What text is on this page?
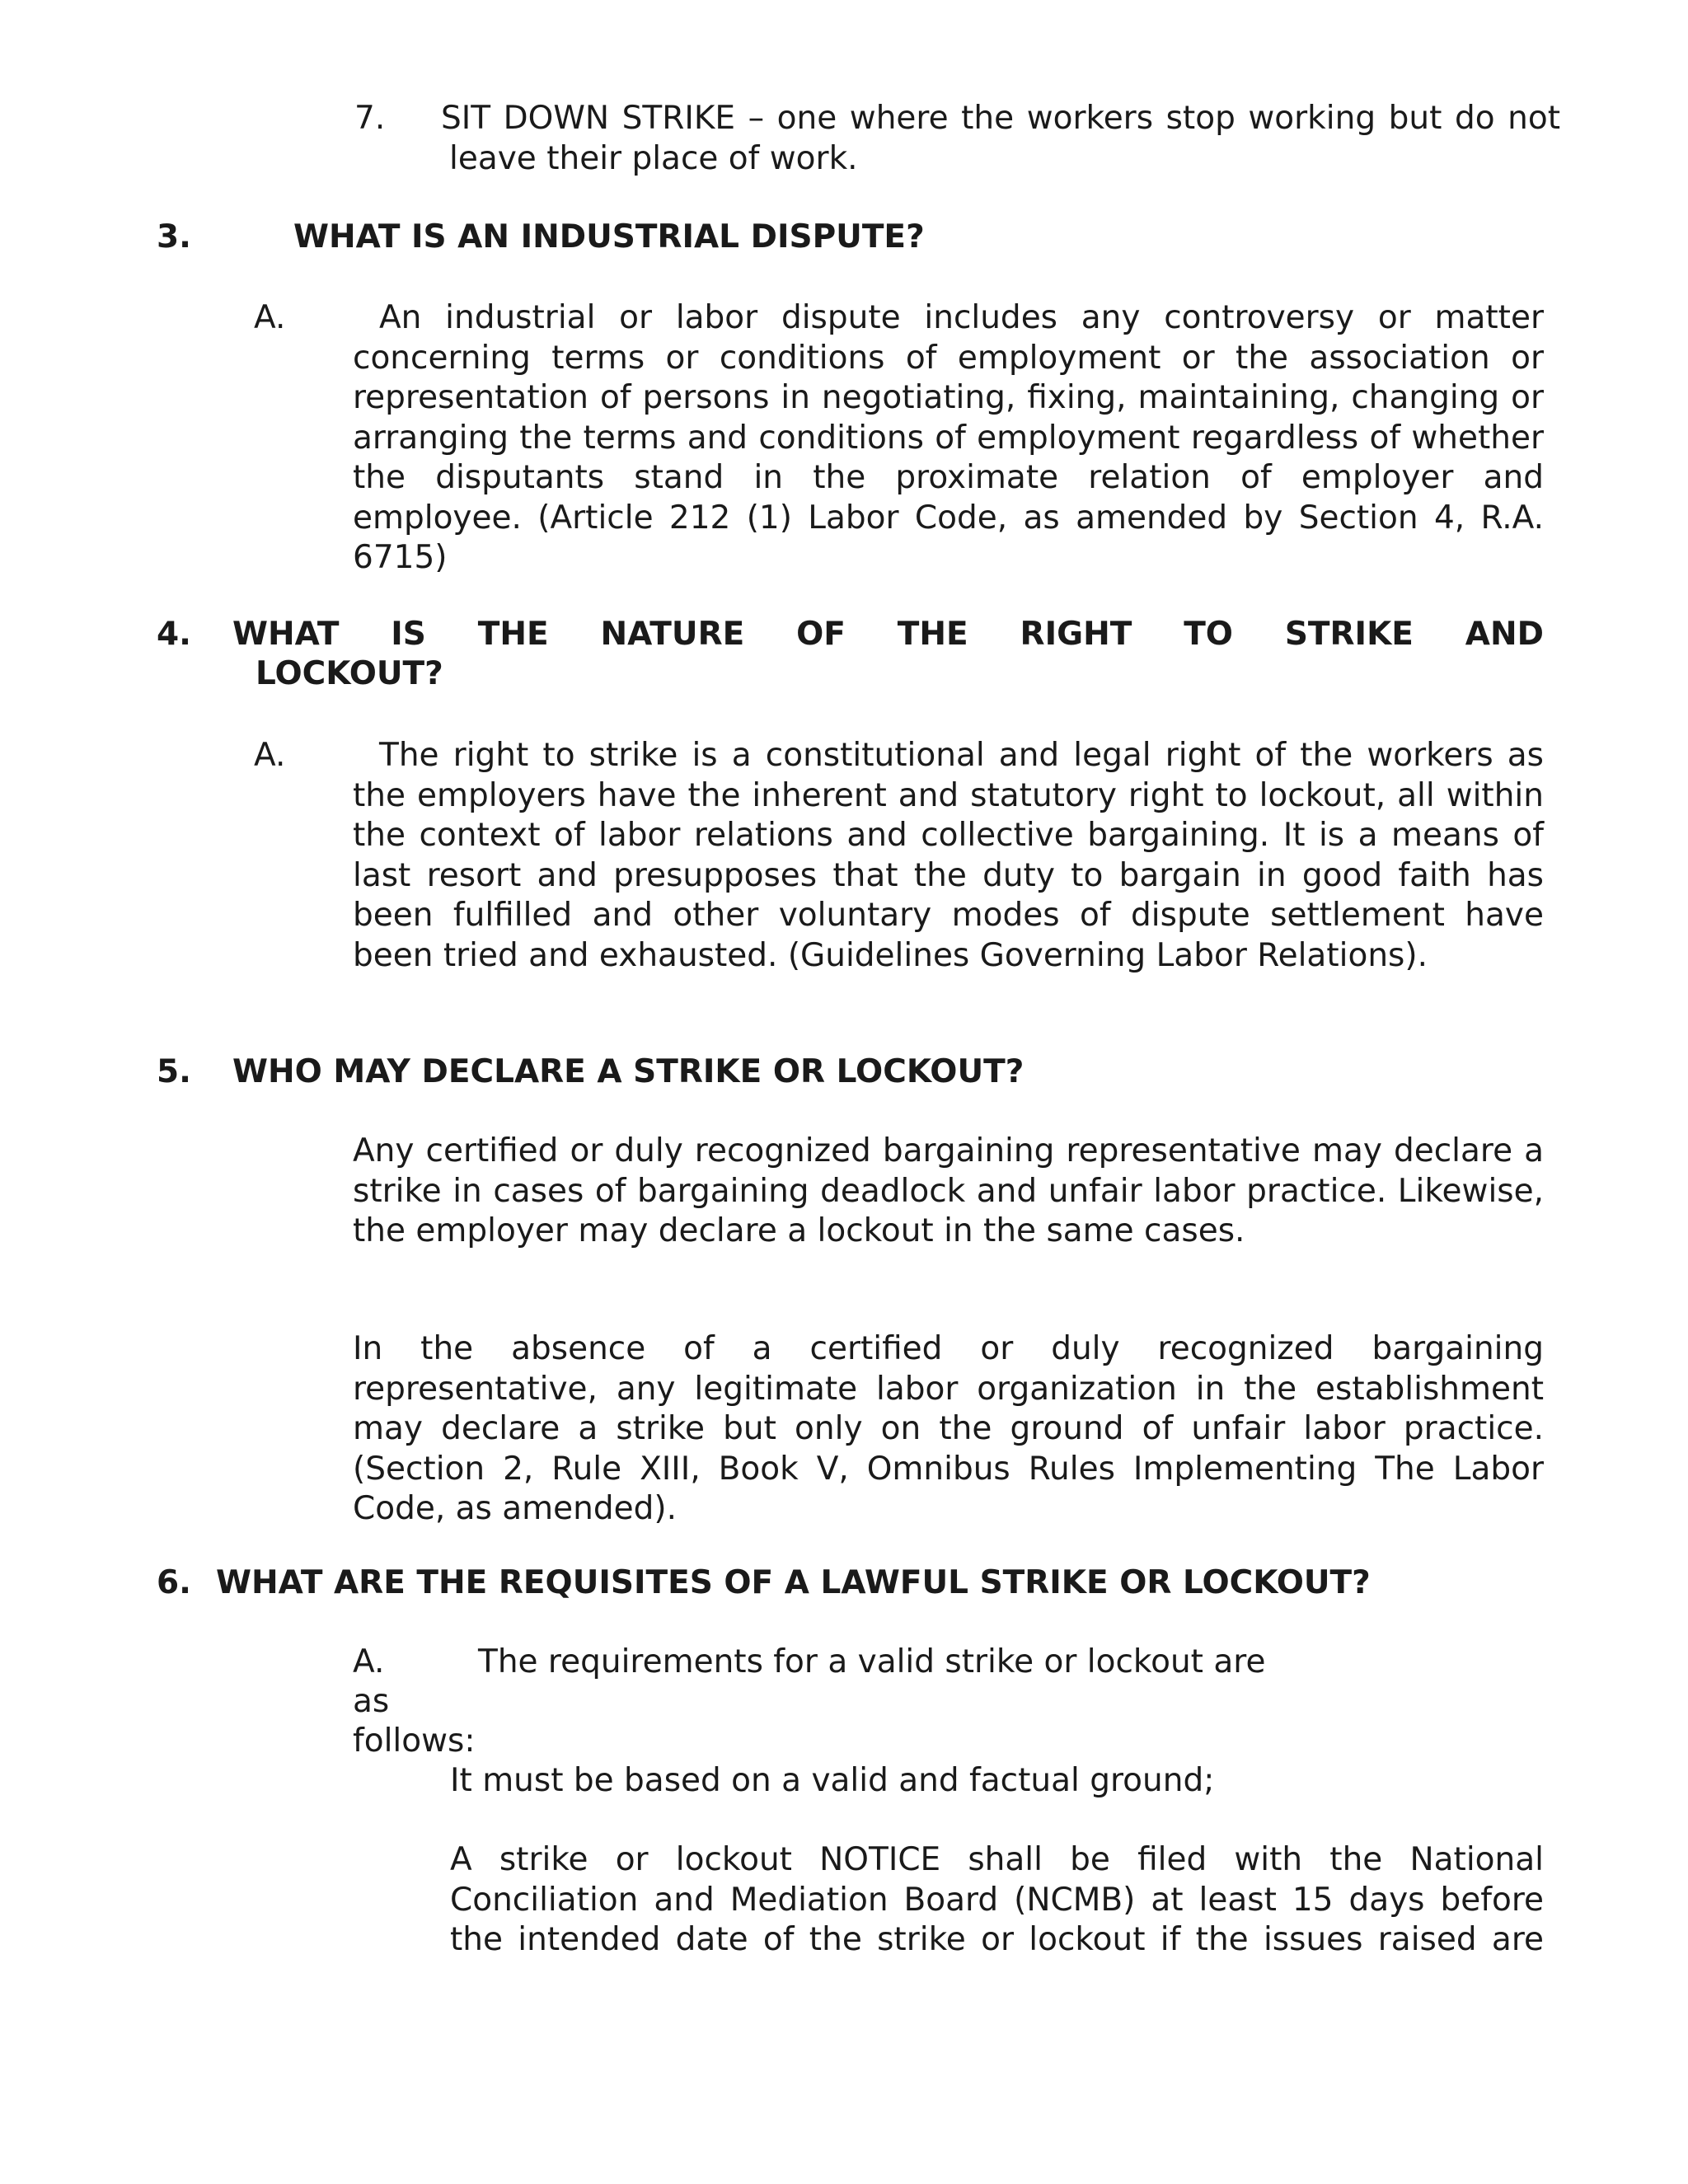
7. SIT DOWN STRIKE – one where the workers stop working but do not leave their place of work.

3.	WHAT IS AN INDUSTRIAL DISPUTE?
A.	An industrial or labor dispute includes any controversy or matter concerning terms or conditions of employment or the association or representation of persons in negotiating, fixing, maintaining, changing or arranging the terms and conditions of employment regardless of whether the disputants stand in the proximate relation of employer and employee. (Article 212 (1) Labor Code, as amended by Section 4, R.A. 6715)

4. WHAT IS THE NATURE OF THE RIGHT TO STRIKE AND

LOCKOUT?
A.	The right to strike is a constitutional and legal right of the workers as the employers have the inherent and statutory right to lockout, all within the context of labor relations and collective bargaining. It is a means of last resort and presupposes that the duty to bargain in good faith has been fulfilled and other voluntary modes of dispute settlement have been tried and exhausted. (Guidelines Governing Labor Relations).

5. WHO MAY DECLARE A STRIKE OR LOCKOUT?

Any certified or duly recognized bargaining representative may declare a strike in cases of bargaining deadlock and unfair labor practice. Likewise, the employer may declare a lockout in the same cases.

In the absence of a certified or duly recognized bargaining representative, any legitimate labor organization in the establishment may declare a strike but only on the ground of unfair labor practice. (Section 2, Rule XIII, Book V, Omnibus Rules Implementing The Labor Code, as amended).

6. WHAT ARE THE REQUISITES OF A LAWFUL STRIKE OR LOCKOUT?
A.	The requirements for a valid strike or lockout are
as
follows:

It must be based on a valid and factual ground;

A strike or lockout NOTICE shall be filed with the National Conciliation and Mediation Board (NCMB) at least 15 days before the intended date of the strike or lockout if the issues raised are
